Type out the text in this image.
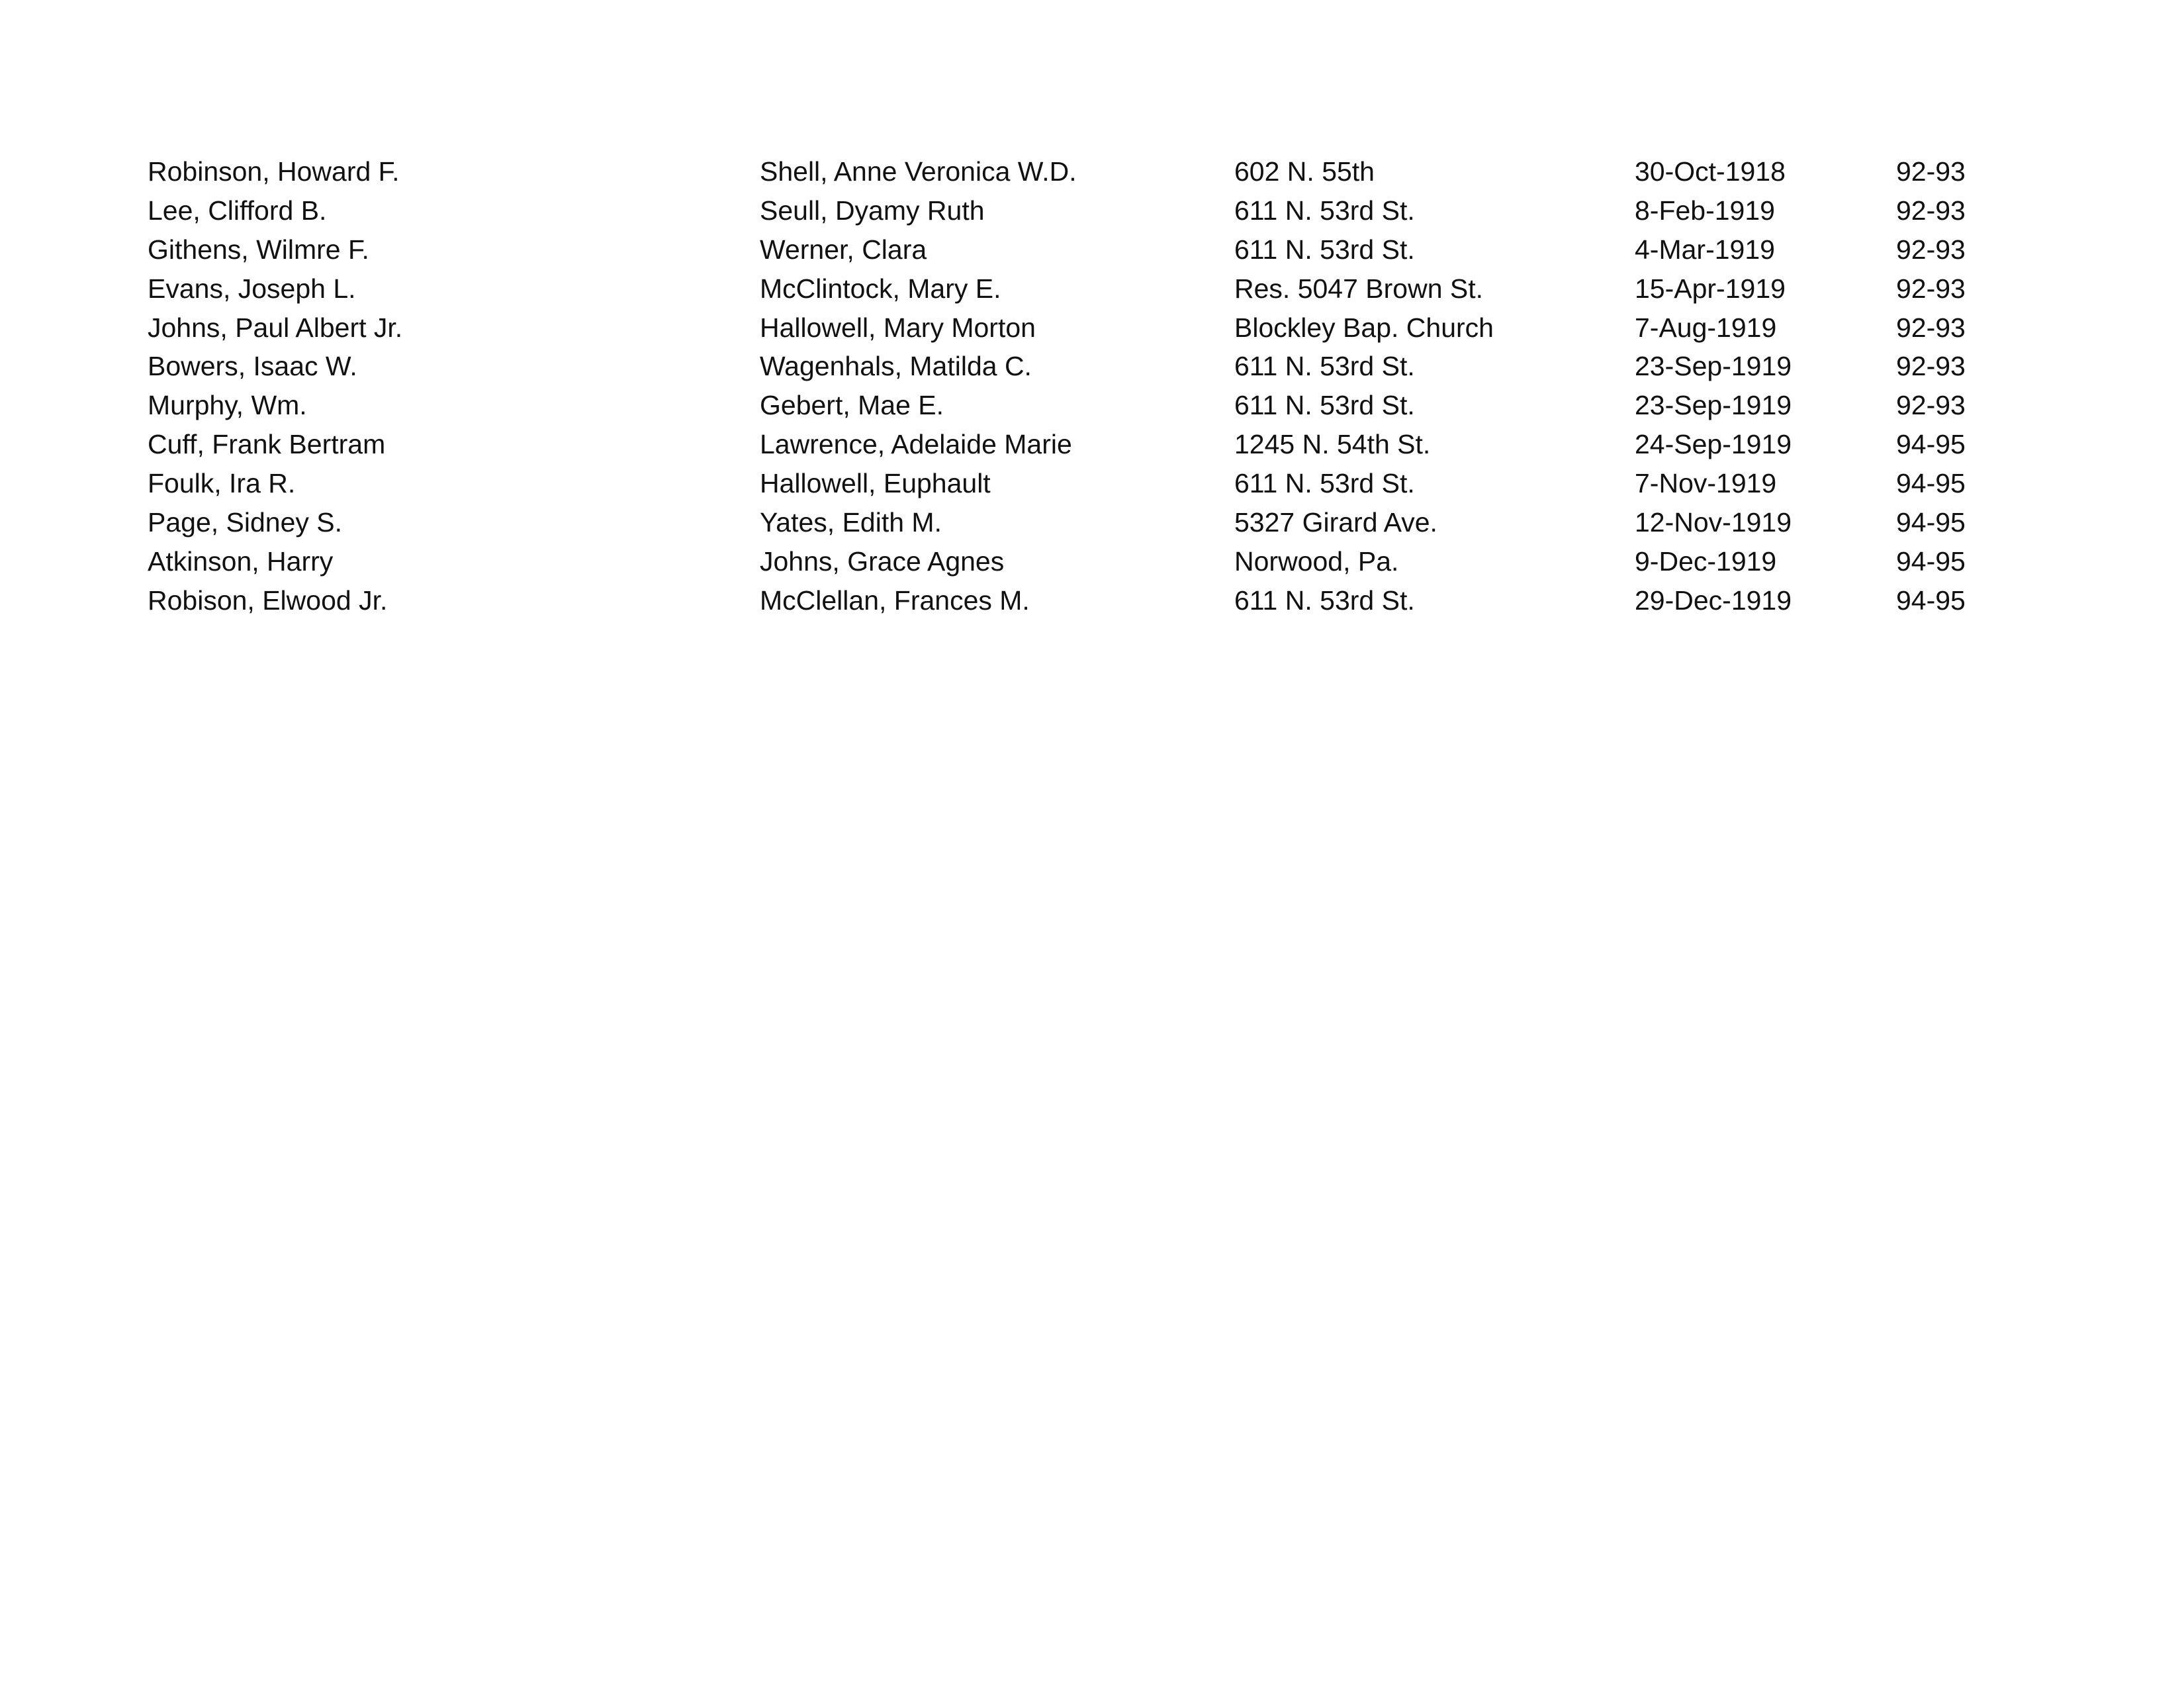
Robinson, Howard F.	Shell, Anne Veronica W.D.	602 N. 55th	30-Oct-1918	92-93
Lee, Clifford B.	Seull, Dyamy Ruth	611 N. 53rd St.	8-Feb-1919	92-93
Githens, Wilmre F.	Werner, Clara	611 N. 53rd St.	4-Mar-1919	92-93
Evans, Joseph L.	McClintock, Mary E.	Res. 5047 Brown St.	15-Apr-1919	92-93
Johns, Paul Albert Jr.	Hallowell, Mary Morton	Blockley Bap. Church	7-Aug-1919	92-93
Bowers, Isaac W.	Wagenhals, Matilda C.	611 N. 53rd St.	23-Sep-1919	92-93
Murphy, Wm.	Gebert, Mae E.	611 N. 53rd St.	23-Sep-1919	92-93
Cuff, Frank Bertram	Lawrence, Adelaide Marie	1245 N. 54th St.	24-Sep-1919	94-95
Foulk, Ira R.	Hallowell, Euphault	611 N. 53rd St.	7-Nov-1919	94-95
Page, Sidney S.	Yates, Edith M.	5327 Girard Ave.	12-Nov-1919	94-95
Atkinson, Harry	Johns, Grace Agnes	Norwood, Pa.	9-Dec-1919	94-95
Robison, Elwood Jr.	McClellan, Frances M.	611 N. 53rd St.	29-Dec-1919	94-95
